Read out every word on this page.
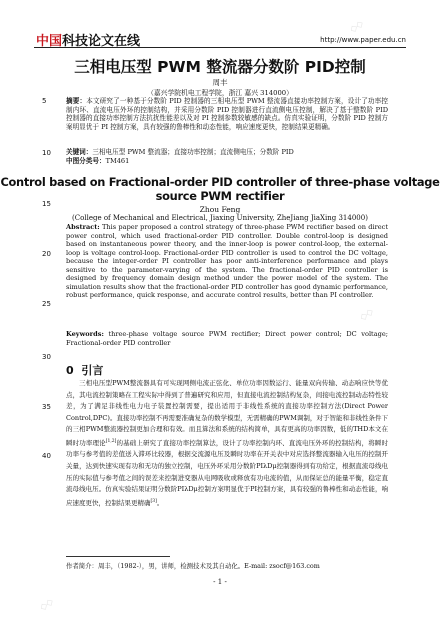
中国科技论文在线	http://www.paper.edu.cn
◇◇
◇◇
◇◇
三相电压型 PWM 整流器分数阶 PID控制
周丰
（嘉兴学院机电工程学院，浙江 嘉兴 314000）
5
10
15
20
25
30
35
40
摘要：本文研究了一种基于分数阶 PID 控制器的三相电压型 PWM 整流器直接功率控制方案，设计了功率控制内环、直流电压外环的控制结构，并采用分数阶 PID 控制器进行直流侧电压控制，解决了基于整数阶 PID 控制器的直接功率控制方法抗扰性能差以及对 PI 控制参数较敏感的缺点。仿真实验证明，分数阶 PID 控制方案明显优于 PI 控制方案，具有较强的鲁棒性和动态性能，响应速度更快，控制结果更精确。
关键词：三相电压型 PWM 整流器；直接功率控制；直流侧电压；分数阶 PID
中图分类号：TM461
Control based on Fractional-order PID controller of three-phase voltage source PWM rectifier
Zhou Feng
(College of Mechanical and Electrical, Jiaxing University, ZheJiang JiaXing 314000)
Abstract: This paper proposed a control strategy of three-phase PWM rectifier based on direct power control, which used fractional-order PID controller. Double control-loop is designed based on instantaneous power theory, and the inner-loop is power control-loop, the external-loop is voltage control-loop. Fractional-order PID controller is used to control the DC voltage, because the integer-order PI controller has poor anti-interference performance and plays sensitive to the parameter-varying of the system. The fractional-order PID controller is designed by frequency domain design method under the power model of the system. The simulation results show that the fractional-order PID controller has good dynamic performance, robust performance, quick response, and accurate control results, better than PI controller.
Keywords: three-phase voltage source PWM rectifier; Direct power control; DC voltage; Fractional-order PID controller
0 引言
三相电压型PWM整流器具有可实现网侧电流正弦化、单位功率因数运行、能量双向传输、动态响应快等优点，其电流控制策略在工程实际中得到了普遍研究和应用，但直接电流控制结构复杂，间接电流控制动态特性较差，为了满足非线性电力电子装置控制需要，提出适用于非线性系统的直接功率控制方法(Direct Power Control,DPC)。直接功率控制不再需要准确复杂的数学模型，无需精确的PWM调制，对于智能和非线性条件下的三相PWM整流器控制更加合理和有效。而且算法和系统的结构简单，具有更高的功率因数，低的THD本文在瞬时功率理论[1,2]的基础上研究了直接功率控制算法，设计了功率控制内环、直流电压外环的控制结构，将瞬时功率与参考值的差值送入滞环比较器，根据交流源电压及瞬时功率在开关表中对应选择整流器输入电压的控制开关量，达到快速实现有功和无功的独立控制，电压外环采用分数阶PIλDμ控制器得到有功给定，根据直流母线电压的实际值与参考值之间的误差来控制进变器从电网吸收或释放有功电流的值，从而保证总的能量平衡，稳定直流母线电压。仿真实验结果证明分数阶PIλDμ控制方案明显优于PI控制方案，具有较强的鲁棒性和动态性能，响应速度更快，控制结果更精确[3]。
作者简介：周丰，（1982-），男，讲师，检测技术及其自动化。E-mail: zsocf@163.com
- 1 -
